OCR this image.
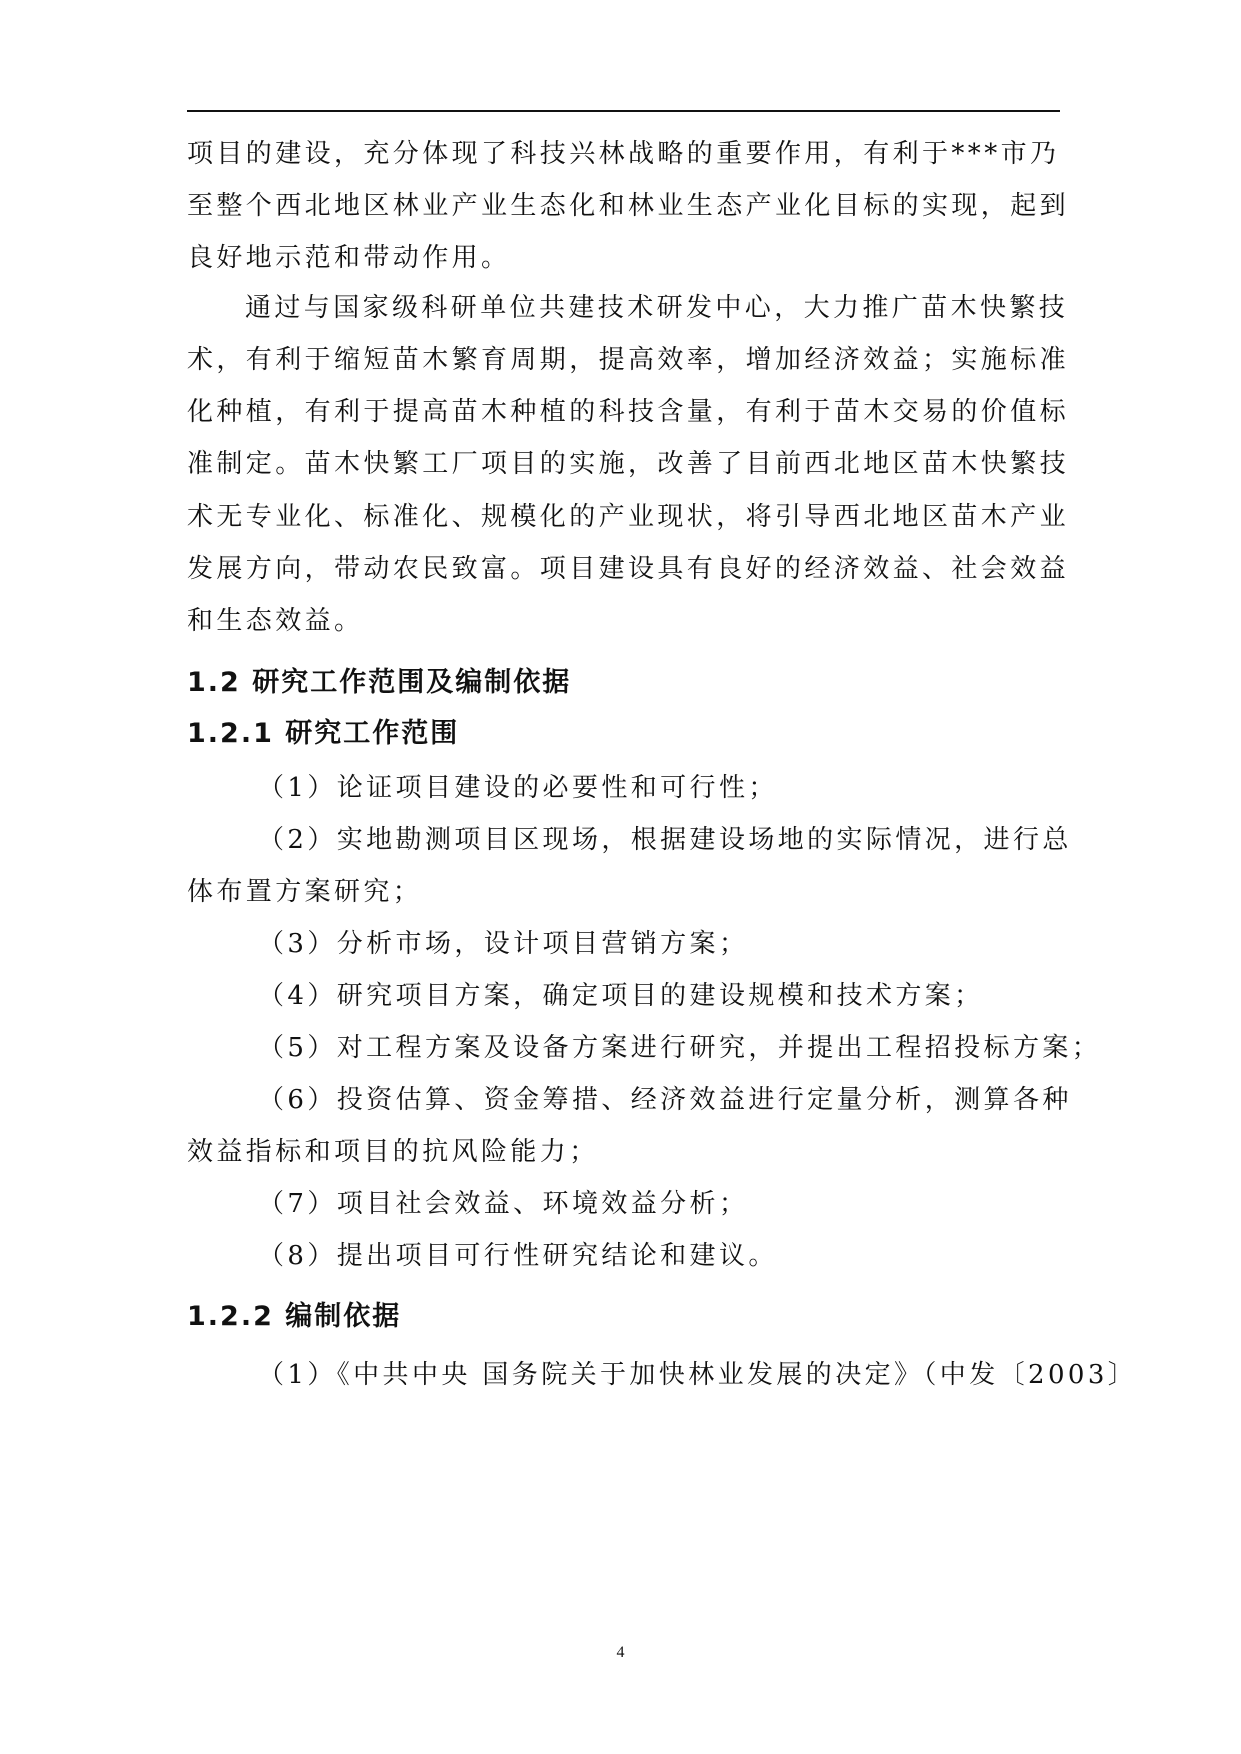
项目的建设，充分体现了科技兴林战略的重要作用，有利于***市乃
至整个西北地区林业产业生态化和林业生态产业化目标的实现，起到
良好地示范和带动作用。
通过与国家级科研单位共建技术研发中心，大力推广苗木快繁技
术，有利于缩短苗木繁育周期，提高效率，增加经济效益；实施标准
化种植，有利于提高苗木种植的科技含量，有利于苗木交易的价值标
准制定。苗木快繁工厂项目的实施，改善了目前西北地区苗木快繁技
术无专业化、标准化、规模化的产业现状，将引导西北地区苗木产业
发展方向，带动农民致富。项目建设具有良好的经济效益、社会效益
和生态效益。
1.2 研究工作范围及编制依据
1.2.1 研究工作范围
（1）论证项目建设的必要性和可行性；
（2）实地勘测项目区现场，根据建设场地的实际情况，进行总
体布置方案研究；
（3）分析市场，设计项目营销方案；
（4）研究项目方案，确定项目的建设规模和技术方案；
（5）对工程方案及设备方案进行研究，并提出工程招投标方案；
（6）投资估算、资金筹措、经济效益进行定量分析，测算各种
效益指标和项目的抗风险能力；
（7）项目社会效益、环境效益分析；
（8）提出项目可行性研究结论和建议。
1.2.2 编制依据
（1）《中共中央 国务院关于加快林业发展的决定》（中发〔2003〕
4
